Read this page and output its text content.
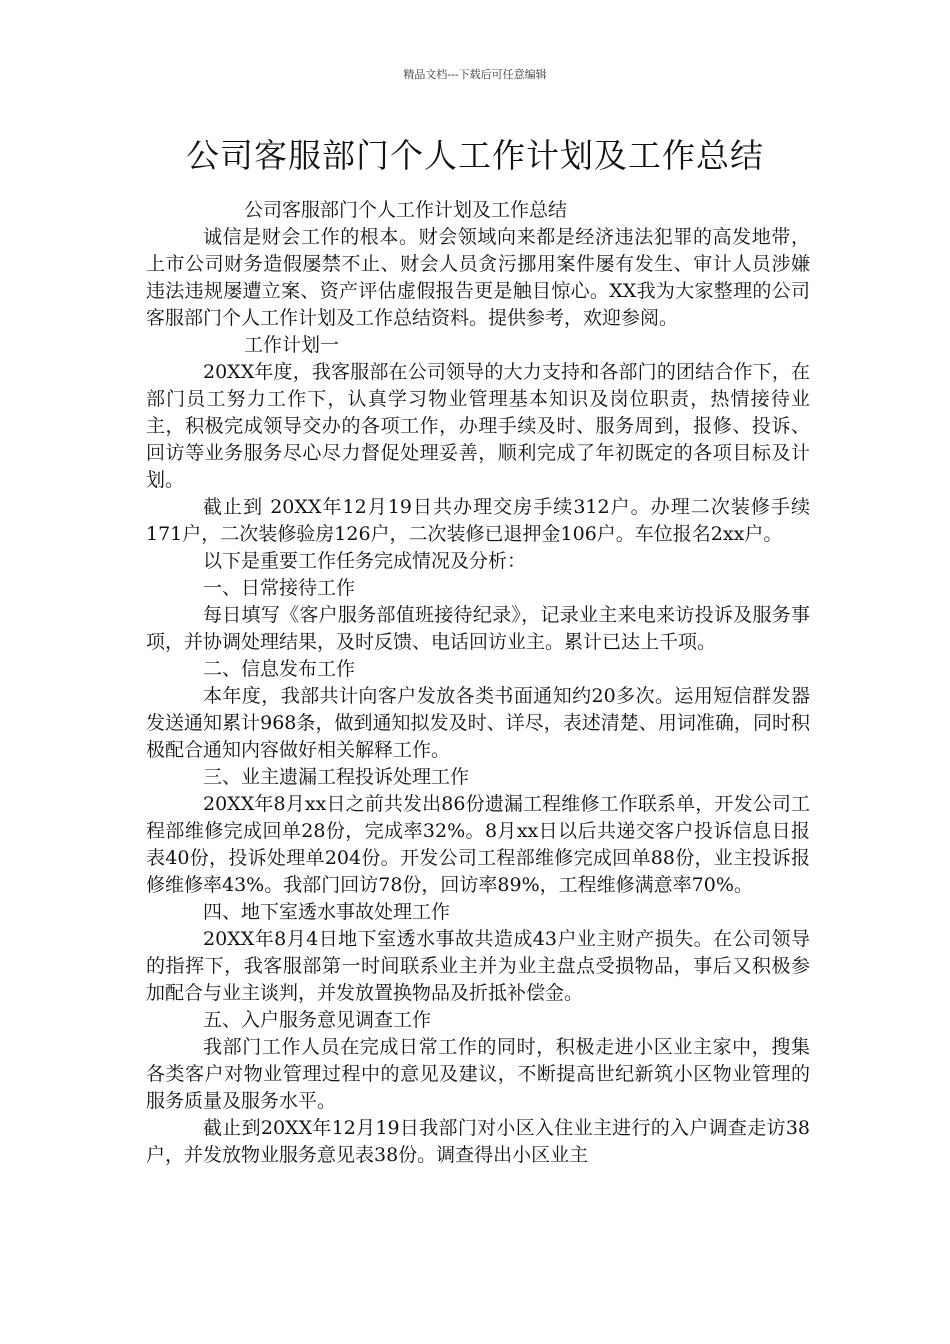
精品文档---下载后可任意编辑
公司客服部门个人工作计划及工作总结

公司客服部门个人工作计划及工作总结

诚信是财会工作的根本。财会领域向来都是经济违法犯罪的高发地带，上市公司财务造假屡禁不止、财会人员贪污挪用案件屡有发生、审计人员涉嫌违法违规屡遭立案、资产评估虚假报告更是触目惊心。XX我为大家整理的公司客服部门个人工作计划及工作总结资料。提供参考，欢迎参阅。

工作计划一

20XX年度，我客服部在公司领导的大力支持和各部门的团结合作下，在部门员工努力工作下，认真学习物业管理基本知识及岗位职责，热情接待业主，积极完成领导交办的各项工作，办理手续及时、服务周到，报修、投诉、回访等业务服务尽心尽力督促处理妥善，顺利完成了年初既定的各项目标及计划。

截止到 20XX年12月19日共办理交房手续312户。办理二次装修手续171户，二次装修验房126户，二次装修已退押金106户。车位报名2xx户。

以下是重要工作任务完成情况及分析：

一、日常接待工作

每日填写《客户服务部值班接待纪录》，记录业主来电来访投诉及服务事项，并协调处理结果，及时反馈、电话回访业主。累计已达上千项。

二、信息发布工作

本年度，我部共计向客户发放各类书面通知约20多次。运用短信群发器发送通知累计968条，做到通知拟发及时、详尽，表述清楚、用词准确，同时积极配合通知内容做好相关解释工作。

三、业主遗漏工程投诉处理工作

20XX年8月xx日之前共发出86份遗漏工程维修工作联系单，开发公司工程部维修完成回单28份，完成率32%。8月xx日以后共递交客户投诉信息日报表40份，投诉处理单204份。开发公司工程部维修完成回单88份，业主投诉报修维修率43%。我部门回访78份，回访率89%，工程维修满意率70%。

四、地下室透水事故处理工作

20XX年8月4日地下室透水事故共造成43户业主财产损失。在公司领导的指挥下，我客服部第一时间联系业主并为业主盘点受损物品，事后又积极参加配合与业主谈判，并发放置换物品及折抵补偿金。

五、入户服务意见调查工作

我部门工作人员在完成日常工作的同时，积极走进小区业主家中，搜集各类客户对物业管理过程中的意见及建议，不断提高世纪新筑小区物业管理的服务质量及服务水平。

截止到20XX年12月19日我部门对小区入住业主进行的入户调查走访38户，并发放物业服务意见表38份。调查得出小区业主
